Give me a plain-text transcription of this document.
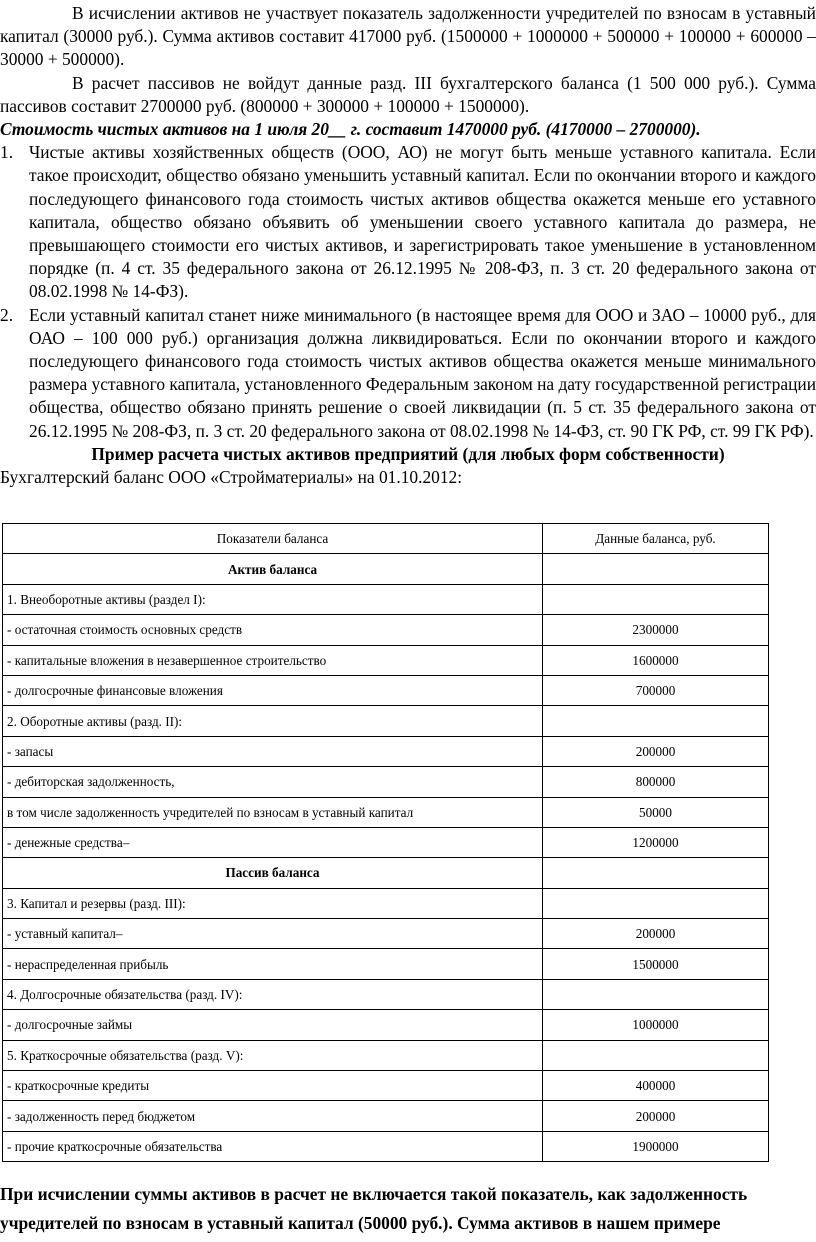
В исчислении активов не участвует показатель задолженности учредителей по взносам в уставный капитал (30000 руб.). Сумма активов составит 417000 руб. (1500000 + 1000000 + 500000 + 100000 + 600000 – 30000 + 500000).

В расчет пассивов не войдут данные разд. III бухгалтерского баланса (1 500 000 руб.). Сумма пассивов составит 2700000 руб. (800000 + 300000 + 100000 + 1500000).

Стоимость чистых активов на 1 июля 20__ г. составит 1470000 руб. (4170000 – 2700000).

1. Чистые активы хозяйственных обществ (ООО, АО) не могут быть меньше уставного капитала. Если такое происходит, общество обязано уменьшить уставный капитал. Если по окончании второго и каждого последующего финансового года стоимость чистых активов общества окажется меньше его уставного капитала, общество обязано объявить об уменьшении своего уставного капитала до размера, не превышающего стоимости его чистых активов, и зарегистрировать такое уменьшение в установленном порядке (п. 4 ст. 35 федерального закона от 26.12.1995 № 208-ФЗ, п. 3 ст. 20 федерального закона от 08.02.1998 № 14-ФЗ).
2. Если уставный капитал станет ниже минимального (в настоящее время для ООО и ЗАО – 10000 руб., для ОАО – 100 000 руб.) организация должна ликвидироваться. Если по окончании второго и каждого последующего финансового года стоимость чистых активов общества окажется меньше минимального размера уставного капитала, установленного Федеральным законом на дату государственной регистрации общества, общество обязано принять решение о своей ликвидации (п. 5 ст. 35 федерального закона от 26.12.1995 № 208-ФЗ, п. 3 ст. 20 федерального закона от 08.02.1998 № 14-ФЗ, ст. 90 ГК РФ, ст. 99 ГК РФ).

Пример расчета чистых активов предприятий (для любых форм собственности)

Бухгалтерский баланс ООО «Стройматериалы» на 01.10.2012:

Показатели баланса	Данные баланса, руб.
Актив баланса	
1. Внеоборотные активы (раздел I):	
- остаточная стоимость основных средств	2300000
- капитальные вложения в незавершенное строительство	1600000
- долгосрочные финансовые вложения	700000
2. Оборотные активы (разд. II):	
- запасы	200000
- дебиторская задолженность,	800000
в том числе задолженность учредителей по взносам в уставный капитал	50000
- денежные средства–	1200000
Пассив баланса	
3. Капитал и резервы (разд. III):	
- уставный капитал–	200000
- нераспределенная прибыль	1500000
4. Долгосрочные обязательства (разд. IV):	
- долгосрочные займы	1000000
5. Краткосрочные обязательства (разд. V):	
- краткосрочные кредиты	400000
- задолженность перед бюджетом	200000
- прочие краткосрочные обязательства	1900000
При исчислении суммы активов в расчет не включается такой показатель, как задолженность
учредителей по взносам в уставный капитал (50000 руб.). Сумма активов в нашем примере
